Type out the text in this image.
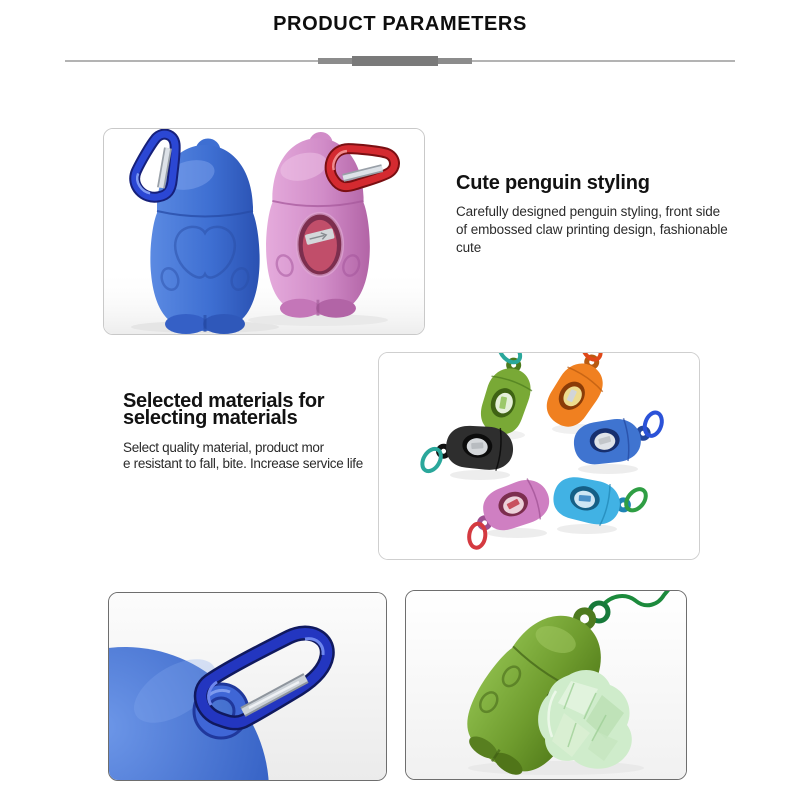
PRODUCT PARAMETERS
Cute penguin styling
Carefully designed penguin styling, front side
of embossed claw printing design, fashionable
cute
Selected materials for
selecting materials
Select quality material, product mor
e resistant to fall, bite. Increase service life
